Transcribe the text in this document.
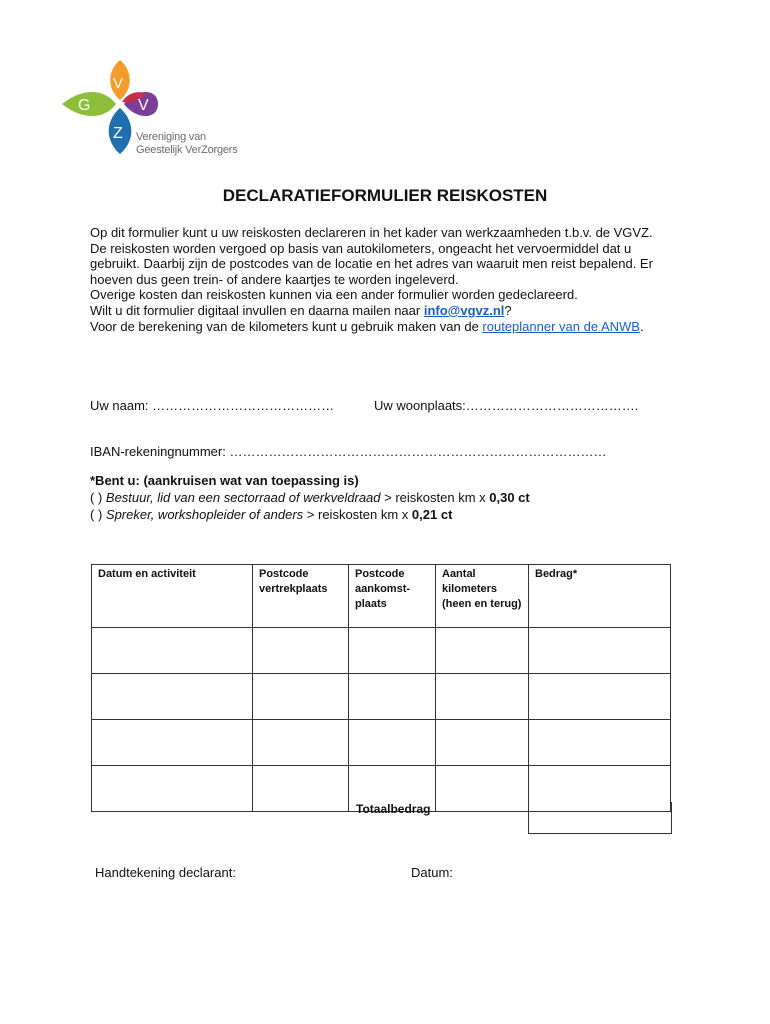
G
V
V
Z Vereniging van
Geestelijk VerZorgers
DECLARATIEFORMULIER REISKOSTEN

Op dit formulier kunt u uw reiskosten declareren in het kader van werkzaamheden t.b.v. de VGVZ.

De reiskosten worden vergoed op basis van autokilometers, ongeacht het vervoermiddel dat u gebruikt. Daarbij zijn de postcodes van de locatie en het adres van waaruit men reist bepalend. Er hoeven dus geen trein- of andere kaartjes te worden ingeleverd.

Overige kosten dan reiskosten kunnen via een ander formulier worden gedeclareerd.

Wilt u dit formulier digitaal invullen en daarna mailen naar info@vgvz.nl?

Voor de berekening van de kilometers kunt u gebruik maken van de routeplanner van de ANWB.

Uw naam: ……………………………………	Uw woonplaats:………………………………….
IBAN-rekeningnummer: ……………………………………………………………………………
*Bent u: (aankruisen wat van toepassing is)
( ) Bestuur, lid van een sectorraad of werkveldraad > reiskosten km x 0,30 ct
( ) Spreker, workshopleider of anders > reiskosten km x 0,21 ct
Datum en activiteit	Postcode vertrekplaats	Postcode aankomst-plaats	Aantal kilometers (heen en terug)	Bedrag*

Totaalbedrag
Handtekening declarant:	Datum:
